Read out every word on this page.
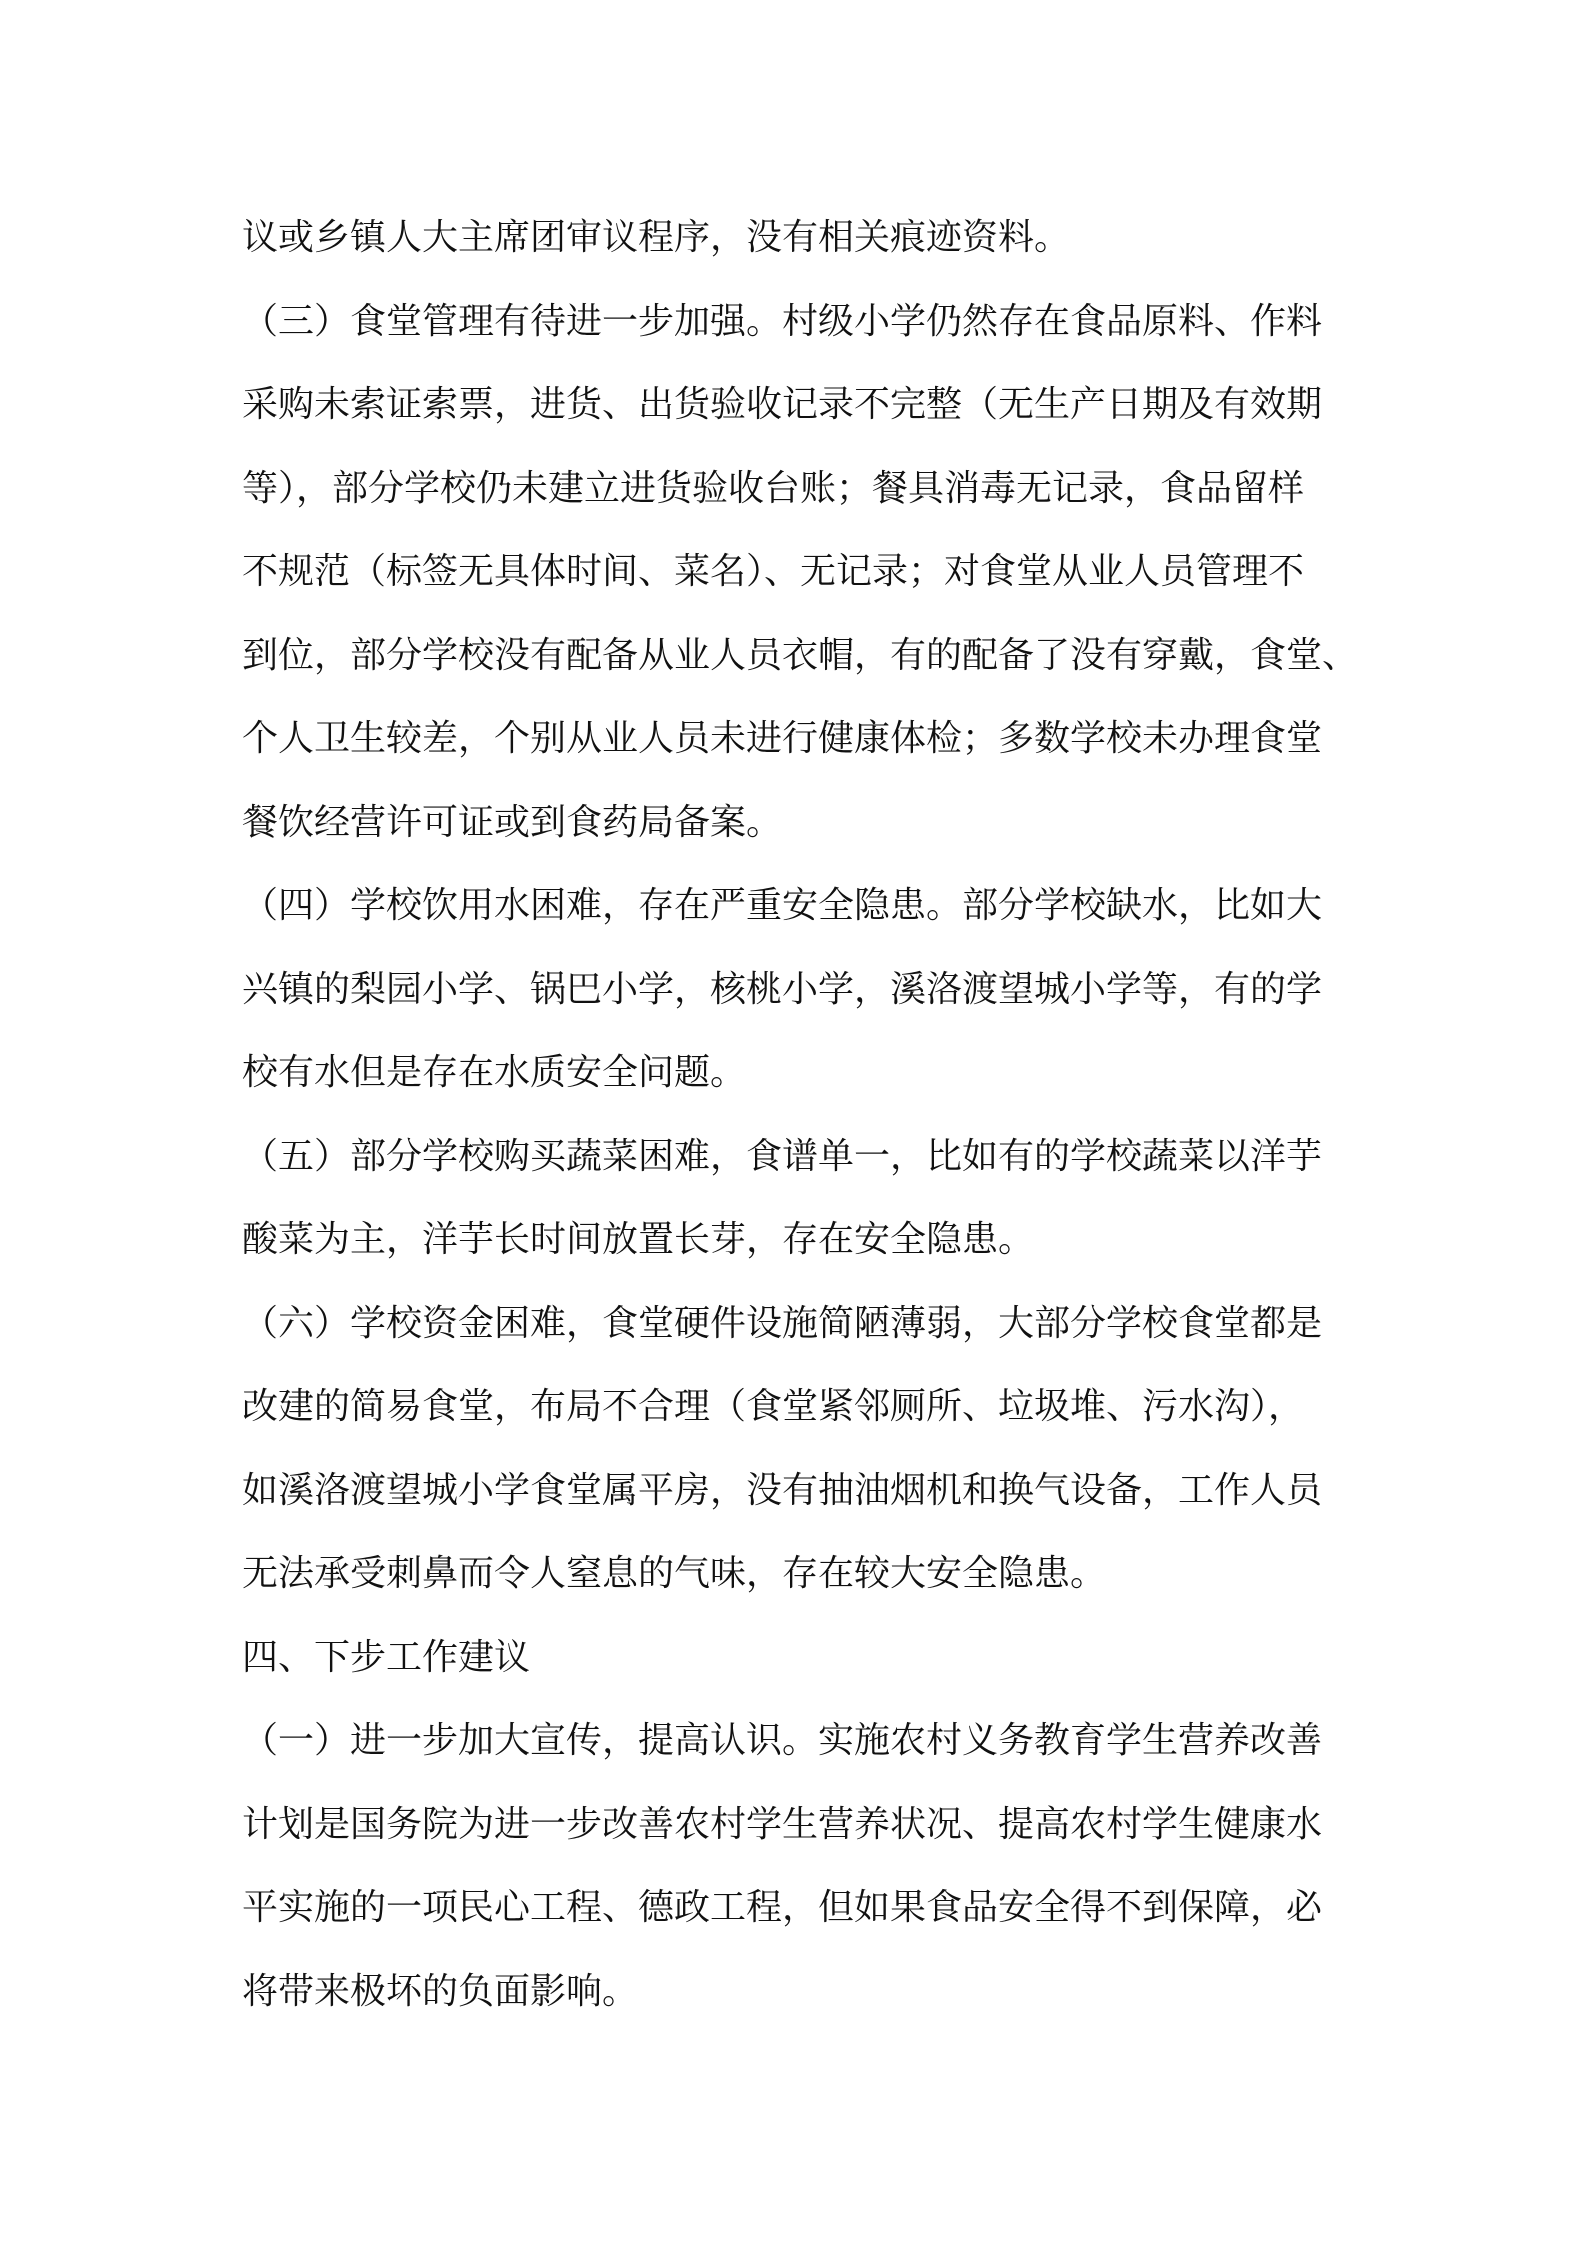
议或乡镇人大主席团审议程序，没有相关痕迹资料。
（三）食堂管理有待进一步加强。村级小学仍然存在食品原料、作料
采购未索证索票，进货、出货验收记录不完整（无生产日期及有效期
等），部分学校仍未建立进货验收台账；餐具消毒无记录，食品留样
不规范（标签无具体时间、菜名）、无记录；对食堂从业人员管理不
到位，部分学校没有配备从业人员衣帽，有的配备了没有穿戴，食堂、
个人卫生较差，个别从业人员未进行健康体检；多数学校未办理食堂
餐饮经营许可证或到食药局备案。
（四）学校饮用水困难，存在严重安全隐患。部分学校缺水，比如大
兴镇的梨园小学、锅巴小学，核桃小学，溪洛渡望城小学等，有的学
校有水但是存在水质安全问题。
（五）部分学校购买蔬菜困难，食谱单一，比如有的学校蔬菜以洋芋
酸菜为主，洋芋长时间放置长芽，存在安全隐患。
（六）学校资金困难，食堂硬件设施简陋薄弱，大部分学校食堂都是
改建的简易食堂，布局不合理（食堂紧邻厕所、垃圾堆、污水沟），
如溪洛渡望城小学食堂属平房，没有抽油烟机和换气设备，工作人员
无法承受刺鼻而令人窒息的气味，存在较大安全隐患。
四、下步工作建议
（一）进一步加大宣传，提高认识。实施农村义务教育学生营养改善
计划是国务院为进一步改善农村学生营养状况、提高农村学生健康水
平实施的一项民心工程、德政工程，但如果食品安全得不到保障，必
将带来极坏的负面影响。
